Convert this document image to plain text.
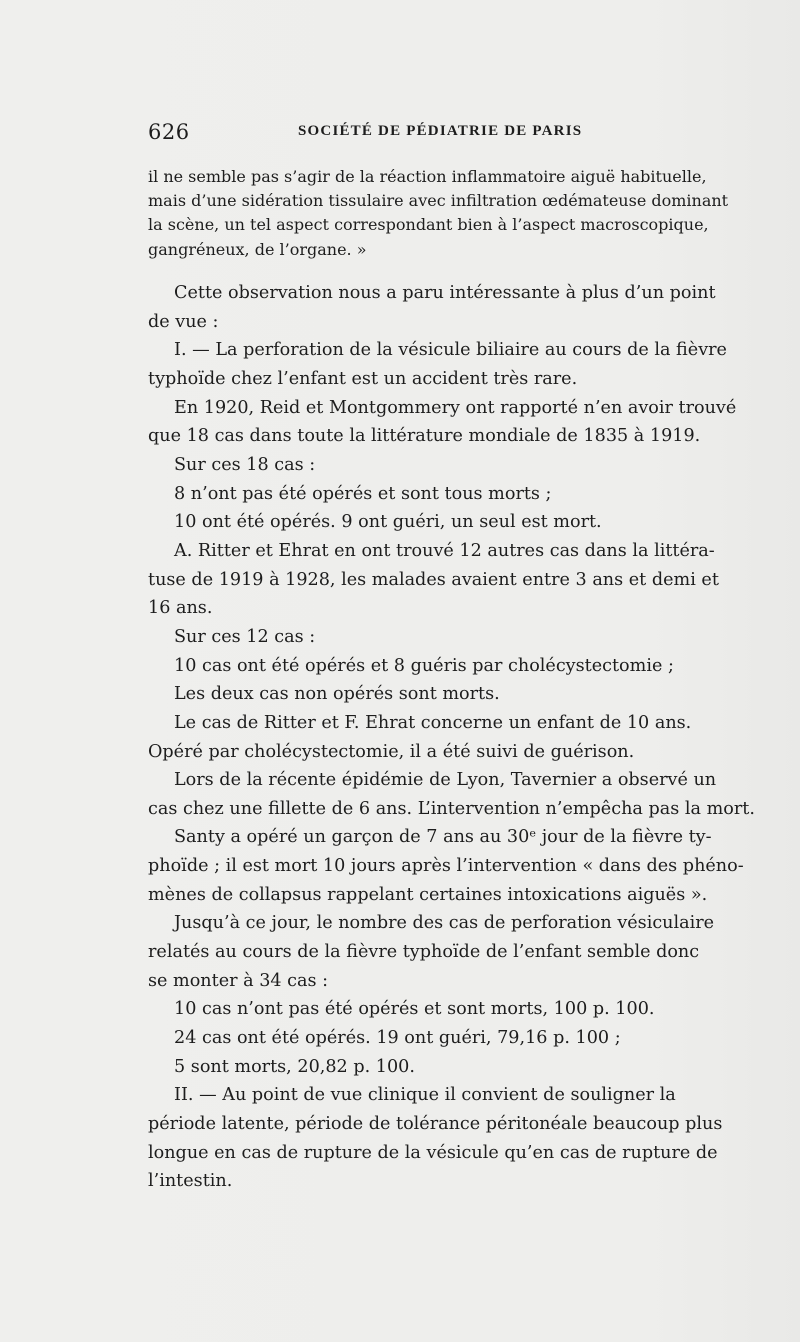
626	SOCIÉTÉ DE PÉDIATRIE DE PARIS

il ne semble pas s’agir de la réaction inflammatoire aiguë habituelle,

mais d’une sidération tissulaire avec infiltration œdémateuse dominant

la scène, un tel aspect correspondant bien à l’aspect macroscopique,

gangréneux, de l’organe. »

Cette observation nous a paru intéressante à plus d’un point

de vue :

I. — La perforation de la vésicule biliaire au cours de la fièvre

typhoïde chez l’enfant est un accident très rare.

En 1920, Reid et Montgommery ont rapporté n’en avoir trouvé

que 18 cas dans toute la littérature mondiale de 1835 à 1919.

Sur ces 18 cas :

8 n’ont pas été opérés et sont tous morts ;

10 ont été opérés. 9 ont guéri, un seul est mort.

A. Ritter et Ehrat en ont trouvé 12 autres cas dans la littéra-

tuse de 1919 à 1928, les malades avaient entre 3 ans et demi et

16 ans.

Sur ces 12 cas :

10 cas ont été opérés et 8 guéris par cholécystectomie ;

Les deux cas non opérés sont morts.

Le cas de Ritter et F. Ehrat concerne un enfant de 10 ans.

Opéré par cholécystectomie, il a été suivi de guérison.

Lors de la récente épidémie de Lyon, Tavernier a observé un

cas chez une fillette de 6 ans. L’intervention n’empêcha pas la mort.

Santy a opéré un garçon de 7 ans au 30ᵉ jour de la fièvre ty-

phoïde ; il est mort 10 jours après l’intervention « dans des phéno-

mènes de collapsus rappelant certaines intoxications aiguës ».

Jusqu’à ce jour, le nombre des cas de perforation vésiculaire

relatés au cours de la fièvre typhoïde de l’enfant semble donc

se monter à 34 cas :

10 cas n’ont pas été opérés et sont morts, 100 p. 100.

24 cas ont été opérés. 19 ont guéri, 79,16 p. 100 ;

5 sont morts, 20,82 p. 100.

II. — Au point de vue clinique il convient de souligner la

période latente, période de tolérance péritonéale beaucoup plus

longue en cas de rupture de la vésicule qu’en cas de rupture de

l’intestin.
